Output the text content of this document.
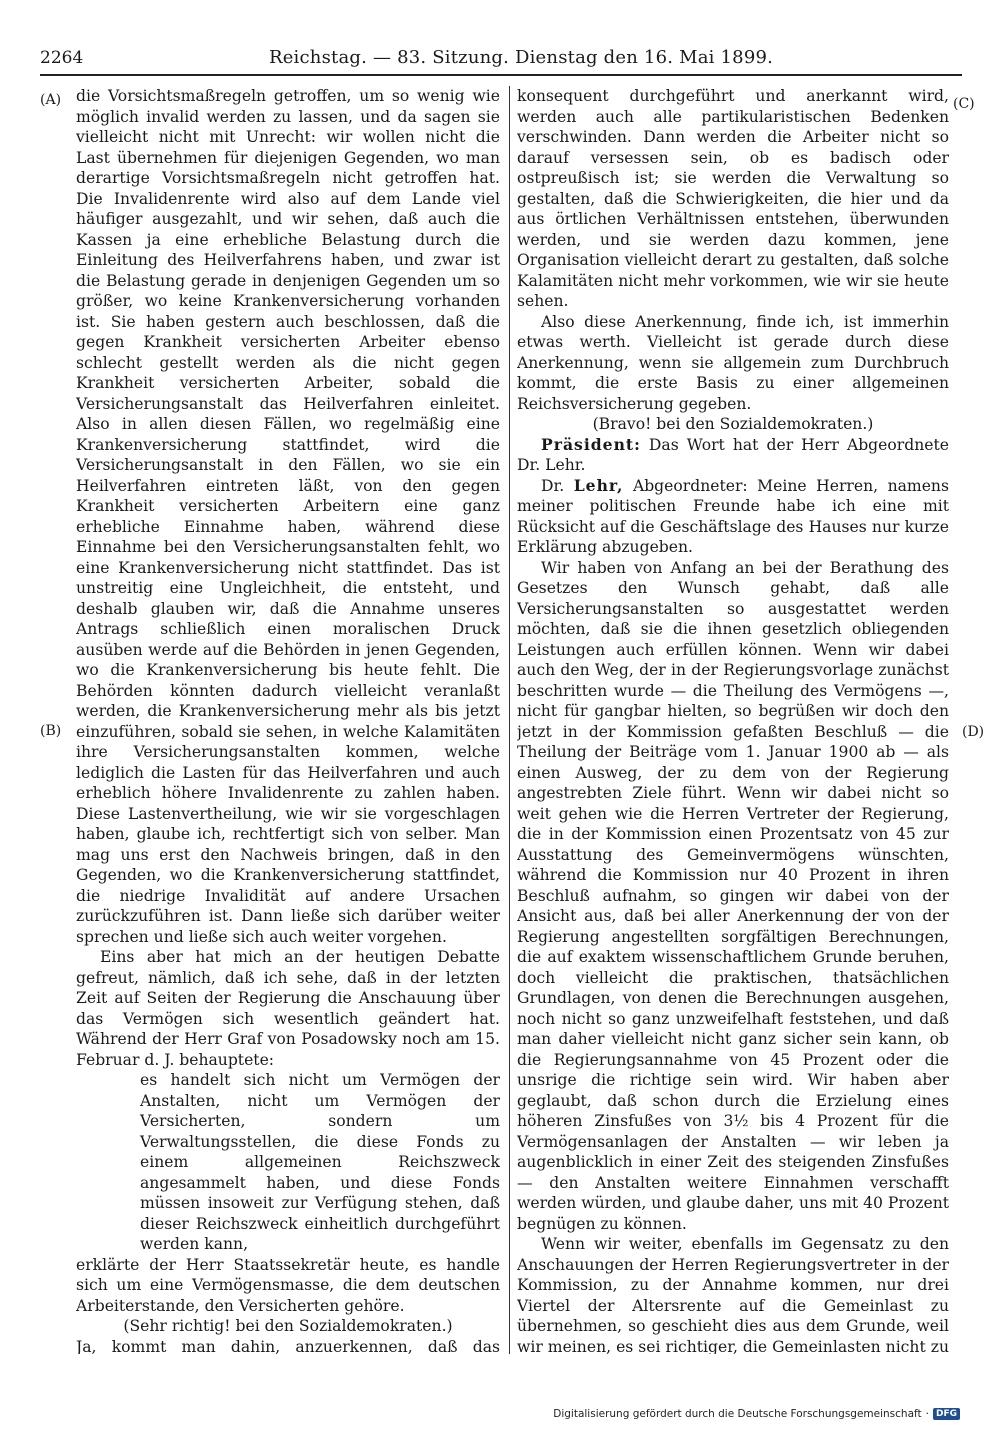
2264	Reichstag. — 83. Sitzung. Dienstag den 16. Mai 1899.
(A)
(B)
(C)
(D)

die Vorsichtsmaßregeln getroffen, um so wenig wie möglich invalid werden zu lassen, und da sagen sie vielleicht nicht mit Unrecht: wir wollen nicht die Last übernehmen für diejenigen Gegenden, wo man derartige Vorsichtsmaßregeln nicht getroffen hat. Die Invalidenrente wird also auf dem Lande viel häufiger ausgezahlt, und wir sehen, daß auch die Kassen ja eine erhebliche Belastung durch die Einleitung des Heilverfahrens haben, und zwar ist die Belastung gerade in denjenigen Gegenden um so größer, wo keine Krankenversicherung vorhanden ist. Sie haben gestern auch beschlossen, daß die gegen Krankheit versicherten Arbeiter ebenso schlecht gestellt werden als die nicht gegen Krankheit versicherten Arbeiter, sobald die Versicherungsanstalt das Heilverfahren einleitet. Also in allen diesen Fällen, wo regelmäßig eine Krankenversicherung stattfindet, wird die Versicherungsanstalt in den Fällen, wo sie ein Heilverfahren eintreten läßt, von den gegen Krankheit versicherten Arbeitern eine ganz erhebliche Einnahme haben, während diese Einnahme bei den Versicherungsanstalten fehlt, wo eine Krankenversicherung nicht stattfindet. Das ist unstreitig eine Ungleichheit, die entsteht, und deshalb glauben wir, daß die Annahme unseres Antrags schließlich einen moralischen Druck ausüben werde auf die Behörden in jenen Gegenden, wo die Krankenversicherung bis heute fehlt. Die Behörden könnten dadurch vielleicht veranlaßt werden, die Krankenversicherung mehr als bis jetzt einzuführen, sobald sie sehen, in welche Kalamitäten ihre Versicherungsanstalten kommen, welche lediglich die Lasten für das Heilverfahren und auch erheblich höhere Invalidenrente zu zahlen haben. Diese Lastenvertheilung, wie wir sie vorgeschlagen haben, glaube ich, rechtfertigt sich von selber. Man mag uns erst den Nachweis bringen, daß in den Gegenden, wo die Krankenversicherung stattfindet, die niedrige Invalidität auf andere Ursachen zurückzuführen ist. Dann ließe sich darüber weiter sprechen und ließe sich auch weiter vorgehen.

Eins aber hat mich an der heutigen Debatte gefreut, nämlich, daß ich sehe, daß in der letzten Zeit auf Seiten der Regierung die Anschauung über das Vermögen sich wesentlich geändert hat. Während der Herr Graf von Posadowsky noch am 15. Februar d. J. behauptete:

es handelt sich nicht um Vermögen der Anstalten, nicht um Vermögen der Versicherten, sondern um Verwaltungsstellen, die diese Fonds zu einem allgemeinen Reichszweck angesammelt haben, und diese Fonds müssen insoweit zur Verfügung stehen, daß dieser Reichszweck einheitlich durchgeführt werden kann,

erklärte der Herr Staatssekretär heute, es handle sich um eine Vermögensmasse, die dem deutschen Arbeiterstande, den Versicherten gehöre.

(Sehr richtig! bei den Sozialdemokraten.)

Ja, kommt man dahin, anzuerkennen, daß das

konsequent durchgeführt und anerkannt wird, werden auch alle partikularistischen Bedenken verschwinden. Dann werden die Arbeiter nicht so darauf versessen sein, ob es badisch oder ostpreußisch ist; sie werden die Verwaltung so gestalten, daß die Schwierigkeiten, die hier und da aus örtlichen Verhältnissen entstehen, überwunden werden, und sie werden dazu kommen, jene Organisation vielleicht derart zu gestalten, daß solche Kalamitäten nicht mehr vorkommen, wie wir sie heute sehen.

Also diese Anerkennung, finde ich, ist immerhin etwas werth. Vielleicht ist gerade durch diese Anerkennung, wenn sie allgemein zum Durchbruch kommt, die erste Basis zu einer allgemeinen Reichsversicherung gegeben.

(Bravo! bei den Sozialdemokraten.)

Präsident: Das Wort hat der Herr Abgeordnete Dr. Lehr.

Dr. Lehr, Abgeordneter: Meine Herren, namens meiner politischen Freunde habe ich eine mit Rücksicht auf die Geschäftslage des Hauses nur kurze Erklärung abzugeben.

Wir haben von Anfang an bei der Berathung des Gesetzes den Wunsch gehabt, daß alle Versicherungsanstalten so ausgestattet werden möchten, daß sie die ihnen gesetzlich obliegenden Leistungen auch erfüllen können. Wenn wir dabei auch den Weg, der in der Regierungsvorlage zunächst beschritten wurde — die Theilung des Vermögens —, nicht für gangbar hielten, so begrüßen wir doch den jetzt in der Kommission gefaßten Beschluß — die Theilung der Beiträge vom 1. Januar 1900 ab — als einen Ausweg, der zu dem von der Regierung angestrebten Ziele führt. Wenn wir dabei nicht so weit gehen wie die Herren Vertreter der Regierung, die in der Kommission einen Prozentsatz von 45 zur Ausstattung des Gemeinvermögens wünschten, während die Kommission nur 40 Prozent in ihren Beschluß aufnahm, so gingen wir dabei von der Ansicht aus, daß bei aller Anerkennung der von der Regierung angestellten sorgfältigen Berechnungen, die auf exaktem wissenschaftlichem Grunde beruhen, doch vielleicht die praktischen, thatsächlichen Grundlagen, von denen die Berechnungen ausgehen, noch nicht so ganz unzweifelhaft feststehen, und daß man daher vielleicht nicht ganz sicher sein kann, ob die Regierungsannahme von 45 Prozent oder die unsrige die richtige sein wird. Wir haben aber geglaubt, daß schon durch die Erzielung eines höheren Zinsfußes von 3½ bis 4 Prozent für die Vermögensanlagen der Anstalten — wir leben ja augenblicklich in einer Zeit des steigenden Zinsfußes — den Anstalten weitere Einnahmen verschafft werden würden, und glaube daher, uns mit 40 Prozent begnügen zu können.

Wenn wir weiter, ebenfalls im Gegensatz zu den Anschauungen der Herren Regierungsvertreter in der Kommission, zu der Annahme kommen, nur drei Viertel der Altersrente auf die Gemeinlast zu übernehmen, so geschieht dies aus dem Grunde, weil wir meinen, es sei richtiger, die Gemeinlasten nicht zu

Digitalisierung gefördert durch die Deutsche Forschungsgemeinschaft · DFG
